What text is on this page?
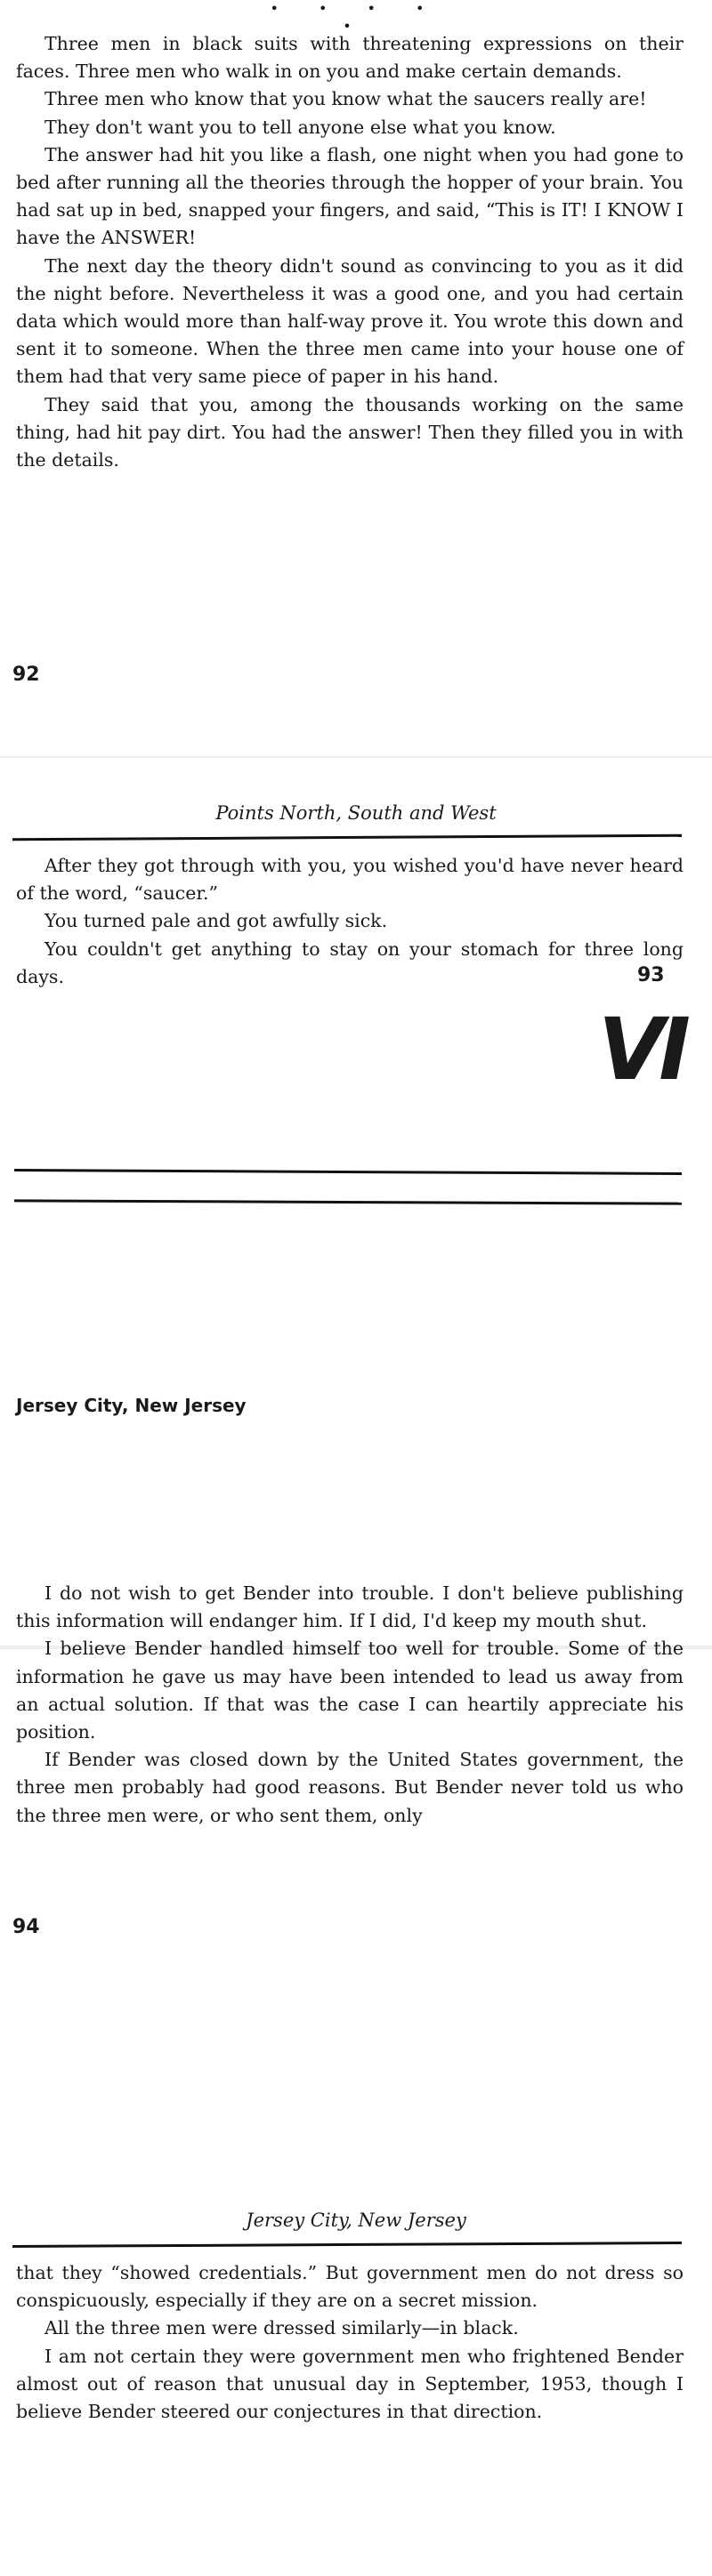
• • • • •

Three men in black suits with threatening expressions on their faces. Three men who walk in on you and make certain demands.

Three men who know that you know what the saucers really are!

They don't want you to tell anyone else what you know.

The answer had hit you like a flash, one night when you had gone to bed after running all the theories through the hopper of your brain. You had sat up in bed, snapped your fingers, and said, “This is IT! I KNOW I have the ANSWER!

The next day the theory didn't sound as convincing to you as it did the night before. Nevertheless it was a good one, and you had certain data which would more than half-way prove it. You wrote this down and sent it to someone. When the three men came into your house one of them had that very same piece of paper in his hand.

They said that you, among the thousands working on the same thing, had hit pay dirt. You had the answer! Then they filled you in with the details.

92
Points North, South and West

After they got through with you, you wished you'd have never heard of the word, “saucer.”

You turned pale and got awfully sick.

You couldn't get anything to stay on your stomach for three long days.	93
VI
Jersey City, New Jersey

I do not wish to get Bender into trouble. I don't believe publishing this information will endanger him. If I did, I'd keep my mouth shut.

I believe Bender handled himself too well for trouble. Some of the information he gave us may have been intended to lead us away from an actual solution. If that was the case I can heartily appreciate his position.

If Bender was closed down by the United States government, the three men probably had good reasons. But Bender never told us who the three men were, or who sent them, only

94
Jersey City, New Jersey

that they “showed credentials.” But government men do not dress so conspicuously, especially if they are on a secret mission.

All the three men were dressed similarly—in black.

I am not certain they were government men who frightened Bender almost out of reason that unusual day in September, 1953, though I believe Bender steered our conjectures in that direction.
